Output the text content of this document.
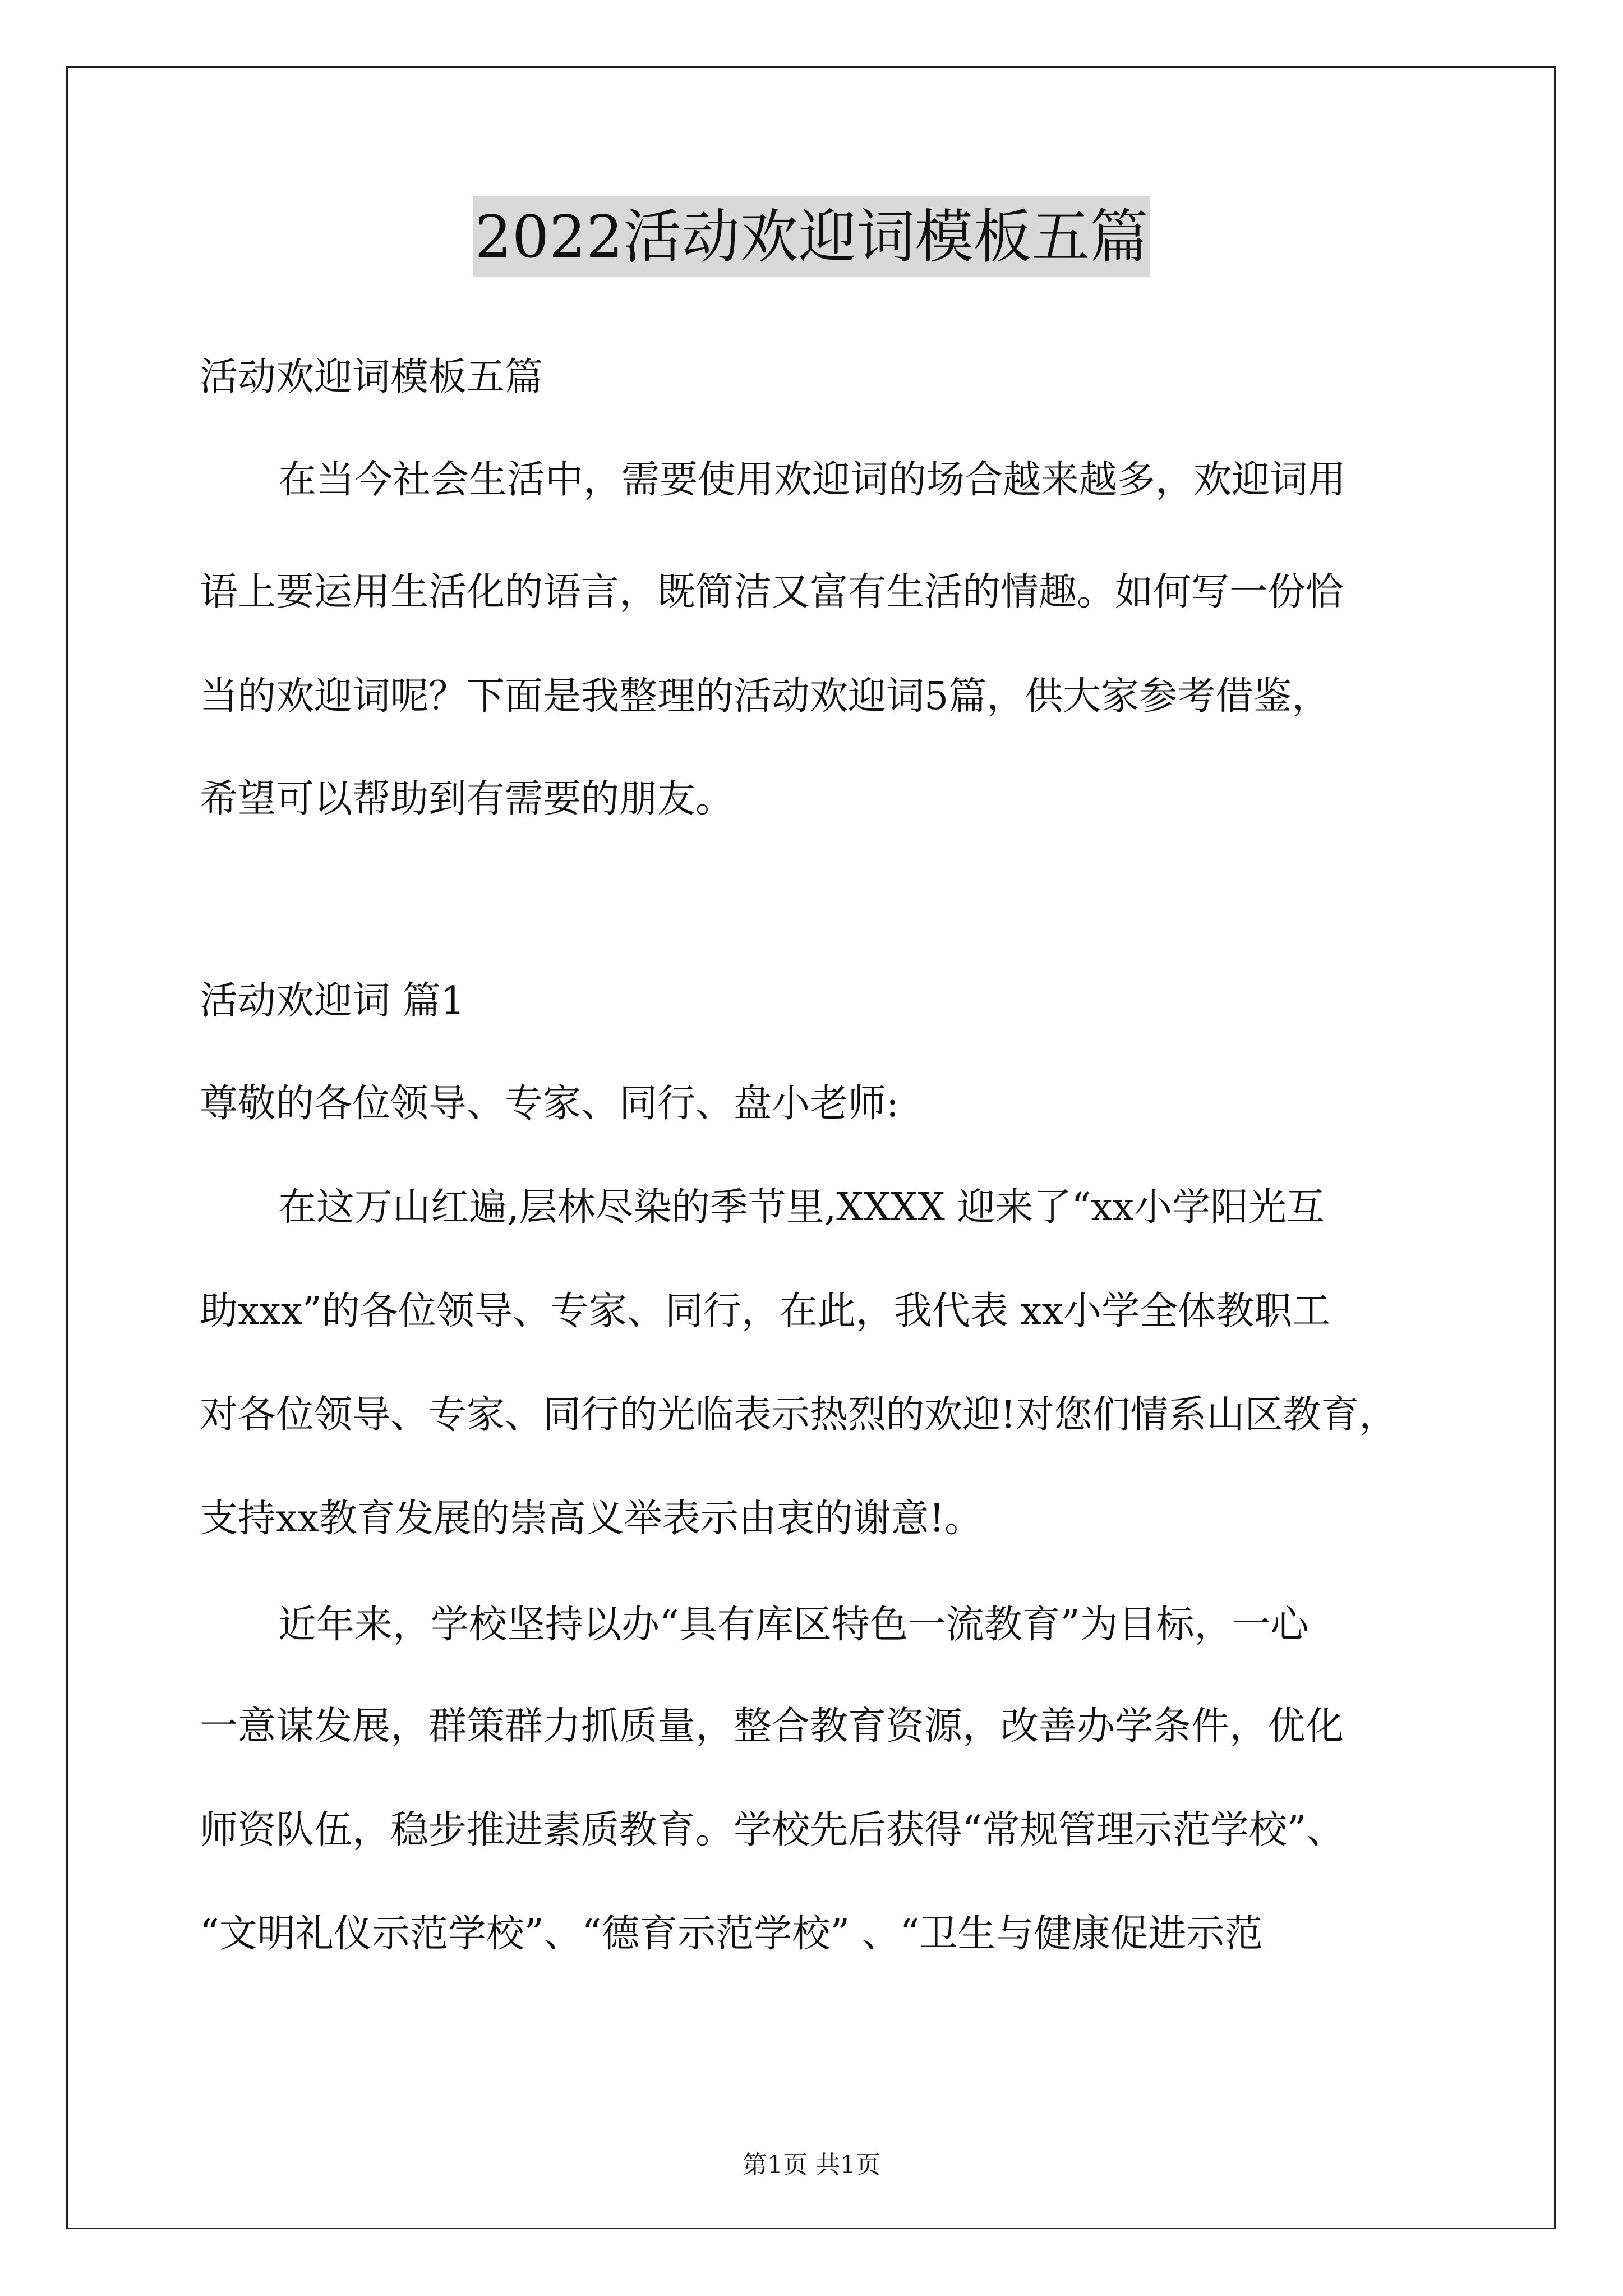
2022活动欢迎词模板五篇
活动欢迎词模板五篇
在当今社会生活中，需要使用欢迎词的场合越来越多，欢迎词用
语上要运用生活化的语言，既简洁又富有生活的情趣。如何写一份恰
当的欢迎词呢？下面是我整理的活动欢迎词5篇，供大家参考借鉴，
希望可以帮助到有需要的朋友。
活动欢迎词 篇1
尊敬的各位领导、专家、同行、盘小老师:
在这万山红遍,层林尽染的季节里,XXXX 迎来了“xx小学阳光互
助xxx”的各位领导、专家、同行，在此，我代表 xx小学全体教职工
对各位领导、专家、同行的光临表示热烈的欢迎!对您们情系山区教育，
支持xx教育发展的崇高义举表示由衷的谢意!。
近年来，学校坚持以办“具有库区特色一流教育”为目标，一心
一意谋发展，群策群力抓质量，整合教育资源，改善办学条件，优化
师资队伍，稳步推进素质教育。学校先后获得“常规管理示范学校”、
“文明礼仪示范学校”、“德育示范学校” 、“卫生与健康促进示范
第1页 共1页
